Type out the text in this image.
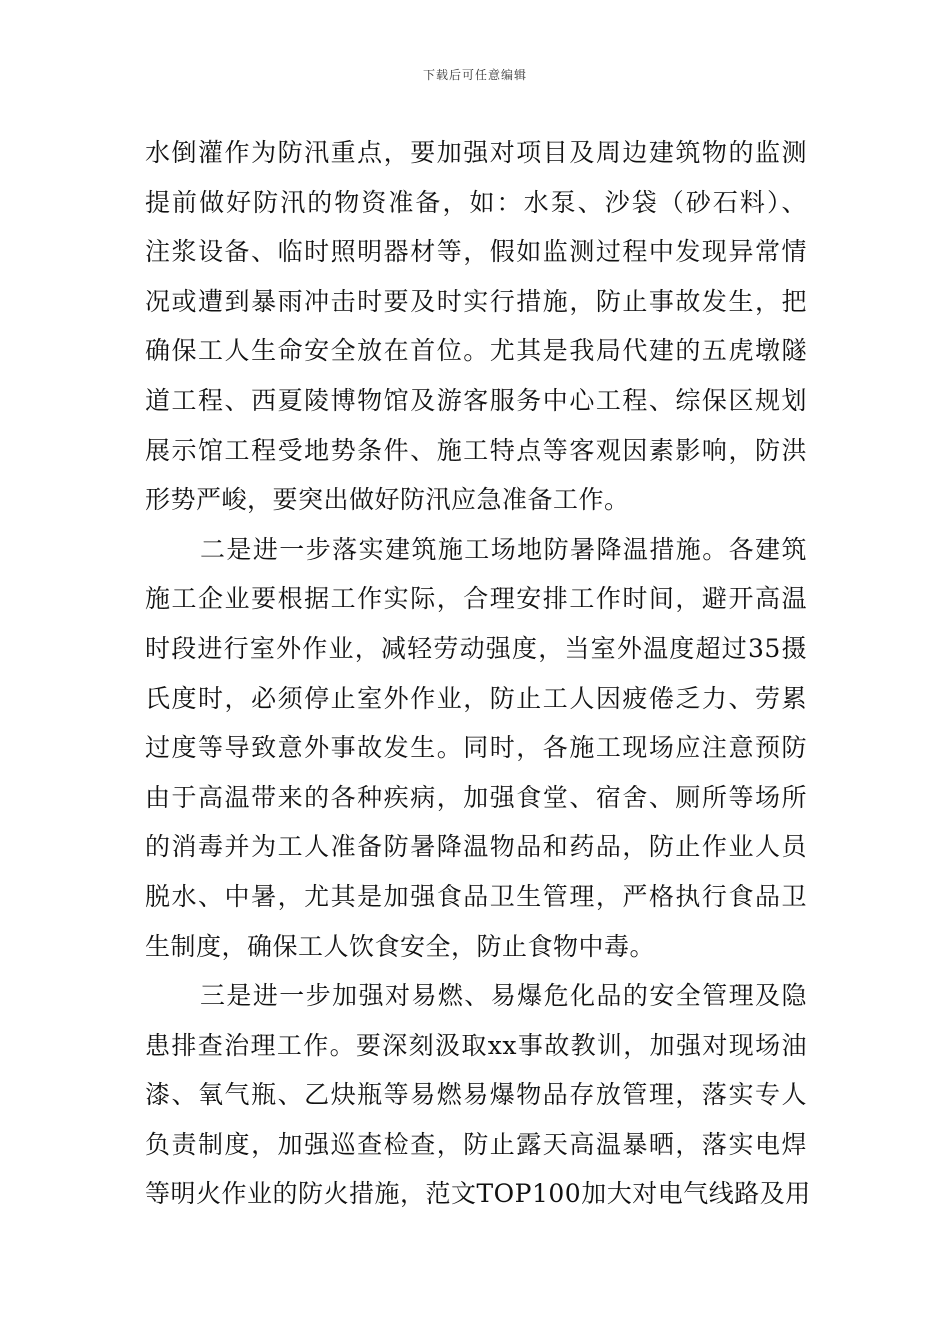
下载后可任意编辑
水倒灌作为防汛重点，要加强对项目及周边建筑物的监测
提前做好防汛的物资准备，如：水泵、沙袋（砂石料）、
注浆设备、临时照明器材等，假如监测过程中发现异常情
况或遭到暴雨冲击时要及时实行措施，防止事故发生，把
确保工人生命安全放在首位。尤其是我局代建的五虎墩隧
道工程、西夏陵博物馆及游客服务中心工程、综保区规划
展示馆工程受地势条件、施工特点等客观因素影响，防洪
形势严峻，要突出做好防汛应急准备工作。
二是进一步落实建筑施工场地防暑降温措施。各建筑
施工企业要根据工作实际，合理安排工作时间，避开高温
时段进行室外作业，减轻劳动强度，当室外温度超过35摄
氏度时，必须停止室外作业，防止工人因疲倦乏力、劳累
过度等导致意外事故发生。同时，各施工现场应注意预防
由于高温带来的各种疾病，加强食堂、宿舍、厕所等场所
的消毒并为工人准备防暑降温物品和药品，防止作业人员
脱水、中暑，尤其是加强食品卫生管理，严格执行食品卫
生制度，确保工人饮食安全，防止食物中毒。
三是进一步加强对易燃、易爆危化品的安全管理及隐
患排查治理工作。要深刻汲取xx事故教训，加强对现场油
漆、氧气瓶、乙炔瓶等易燃易爆物品存放管理，落实专人
负责制度，加强巡查检查，防止露天高温暴晒，落实电焊
等明火作业的防火措施，范文TOP100加大对电气线路及用
